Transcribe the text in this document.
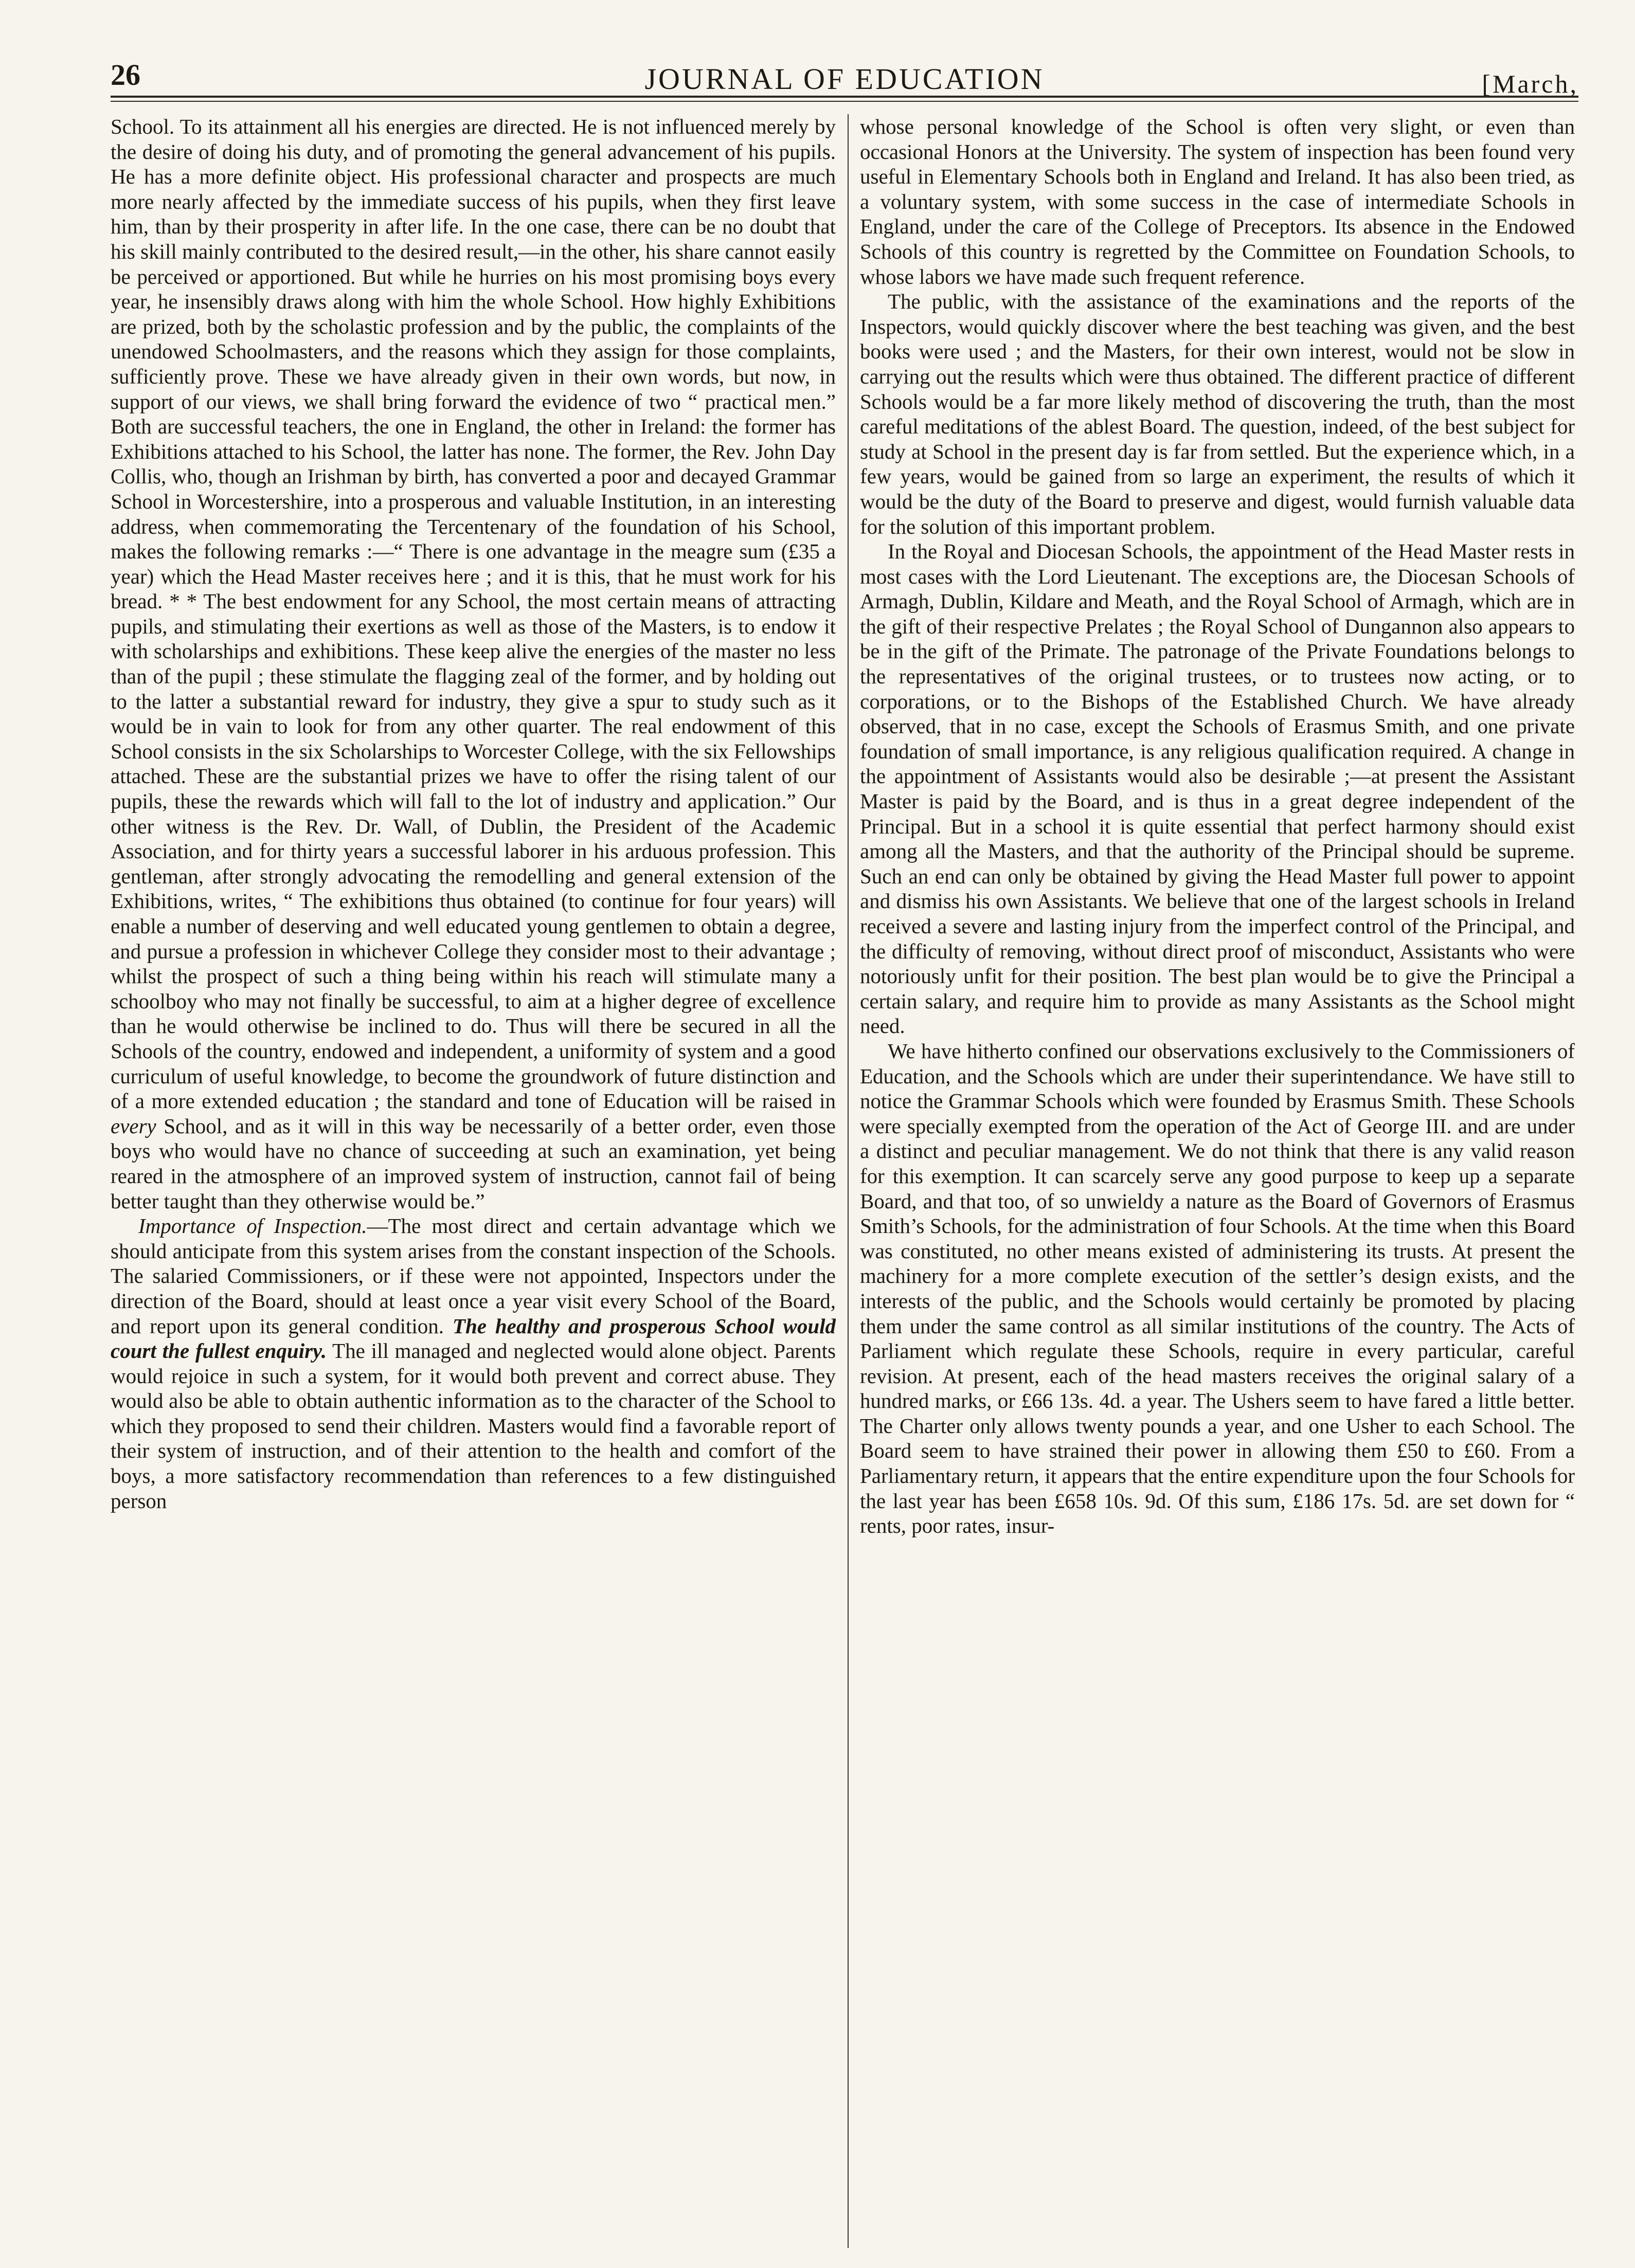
26	JOURNAL OF EDUCATION	[March,

School. To its attainment all his energies are directed. He is not influenced merely by the desire of doing his duty, and of promoting the general advancement of his pupils. He has a more definite object. His professional character and prospects are much more nearly affected by the immediate success of his pupils, when they first leave him, than by their prosperity in after life. In the one case, there can be no doubt that his skill mainly contributed to the desired result,—in the other, his share cannot easily be perceived or apportioned. But while he hurries on his most promising boys every year, he insensibly draws along with him the whole School. How highly Exhibitions are prized, both by the scholastic profession and by the public, the complaints of the unendowed Schoolmasters, and the reasons which they assign for those complaints, sufficiently prove. These we have already given in their own words, but now, in support of our views, we shall bring forward the evidence of two “ practical men.” Both are successful teachers, the one in England, the other in Ireland: the former has Exhibitions attached to his School, the latter has none. The former, the Rev. John Day Collis, who, though an Irishman by birth, has converted a poor and decayed Grammar School in Worcestershire, into a prosperous and valuable Institution, in an interesting address, when commemorating the Tercentenary of the foundation of his School, makes the following remarks :—“ There is one advantage in the meagre sum (£35 a year) which the Head Master receives here ; and it is this, that he must work for his bread. * * The best endowment for any School, the most certain means of attracting pupils, and stimulating their exertions as well as those of the Masters, is to endow it with scholarships and exhibitions. These keep alive the energies of the master no less than of the pupil ; these stimulate the flagging zeal of the former, and by holding out to the latter a substantial reward for industry, they give a spur to study such as it would be in vain to look for from any other quarter. The real endowment of this School consists in the six Scholarships to Worcester College, with the six Fellowships attached. These are the substantial prizes we have to offer the rising talent of our pupils, these the rewards which will fall to the lot of industry and application.” Our other witness is the Rev. Dr. Wall, of Dublin, the President of the Academic Association, and for thirty years a successful laborer in his arduous profession. This gentleman, after strongly advocating the remodelling and general extension of the Exhibitions, writes, “ The exhibitions thus obtained (to continue for four years) will enable a number of deserving and well educated young gentlemen to obtain a degree, and pursue a profession in whichever College they consider most to their advantage ; whilst the prospect of such a thing being within his reach will stimulate many a schoolboy who may not finally be successful, to aim at a higher degree of excellence than he would otherwise be inclined to do. Thus will there be secured in all the Schools of the country, endowed and independent, a uniformity of system and a good curriculum of useful knowledge, to become the groundwork of future distinction and of a more extended education ; the standard and tone of Education will be raised in every School, and as it will in this way be necessarily of a better order, even those boys who would have no chance of succeeding at such an examination, yet being reared in the atmosphere of an improved system of instruction, cannot fail of being better taught than they otherwise would be.”

Importance of Inspection.—The most direct and certain advantage which we should anticipate from this system arises from the constant inspection of the Schools. The salaried Commissioners, or if these were not appointed, Inspectors under the direction of the Board, should at least once a year visit every School of the Board, and report upon its general condition. The healthy and prosperous School would court the fullest enquiry. The ill managed and neglected would alone object. Parents would rejoice in such a system, for it would both prevent and correct abuse. They would also be able to obtain authentic information as to the character of the School to which they proposed to send their children. Masters would find a favorable report of their system of instruction, and of their attention to the health and comfort of the boys, a more satisfactory recommendation than references to a few distinguished person

whose personal knowledge of the School is often very slight, or even than occasional Honors at the University. The system of inspection has been found very useful in Elementary Schools both in England and Ireland. It has also been tried, as a voluntary system, with some success in the case of intermediate Schools in England, under the care of the College of Preceptors. Its absence in the Endowed Schools of this country is regretted by the Committee on Foundation Schools, to whose labors we have made such frequent reference.

The public, with the assistance of the examinations and the reports of the Inspectors, would quickly discover where the best teaching was given, and the best books were used ; and the Masters, for their own interest, would not be slow in carrying out the results which were thus obtained. The different practice of different Schools would be a far more likely method of discovering the truth, than the most careful meditations of the ablest Board. The question, indeed, of the best subject for study at School in the present day is far from settled. But the experience which, in a few years, would be gained from so large an experiment, the results of which it would be the duty of the Board to preserve and digest, would furnish valuable data for the solution of this important problem.

In the Royal and Diocesan Schools, the appointment of the Head Master rests in most cases with the Lord Lieutenant. The exceptions are, the Diocesan Schools of Armagh, Dublin, Kildare and Meath, and the Royal School of Armagh, which are in the gift of their respective Prelates ; the Royal School of Dungannon also appears to be in the gift of the Primate. The patronage of the Private Foundations belongs to the representatives of the original trustees, or to trustees now acting, or to corporations, or to the Bishops of the Established Church. We have already observed, that in no case, except the Schools of Erasmus Smith, and one private foundation of small importance, is any religious qualification required. A change in the appointment of Assistants would also be desirable ;—at present the Assistant Master is paid by the Board, and is thus in a great degree independent of the Principal. But in a school it is quite essential that perfect harmony should exist among all the Masters, and that the authority of the Principal should be supreme. Such an end can only be obtained by giving the Head Master full power to appoint and dismiss his own Assistants. We believe that one of the largest schools in Ireland received a severe and lasting injury from the imperfect control of the Principal, and the difficulty of removing, without direct proof of misconduct, Assistants who were notoriously unfit for their position. The best plan would be to give the Principal a certain salary, and require him to provide as many Assistants as the School might need.

We have hitherto confined our observations exclusively to the Commissioners of Education, and the Schools which are under their superintendance. We have still to notice the Grammar Schools which were founded by Erasmus Smith. These Schools were specially exempted from the operation of the Act of George III. and are under a distinct and peculiar management. We do not think that there is any valid reason for this exemption. It can scarcely serve any good purpose to keep up a separate Board, and that too, of so unwieldy a nature as the Board of Governors of Erasmus Smith’s Schools, for the administration of four Schools. At the time when this Board was constituted, no other means existed of administering its trusts. At present the machinery for a more complete execution of the settler’s design exists, and the interests of the public, and the Schools would certainly be promoted by placing them under the same control as all similar institutions of the country. The Acts of Parliament which regulate these Schools, require in every particular, careful revision. At present, each of the head masters receives the original salary of a hundred marks, or £66 13s. 4d. a year. The Ushers seem to have fared a little better. The Charter only allows twenty pounds a year, and one Usher to each School. The Board seem to have strained their power in allowing them £50 to £60. From a Parliamentary return, it appears that the entire expenditure upon the four Schools for the last year has been £658 10s. 9d. Of this sum, £186 17s. 5d. are set down for “ rents, poor rates, insur-
